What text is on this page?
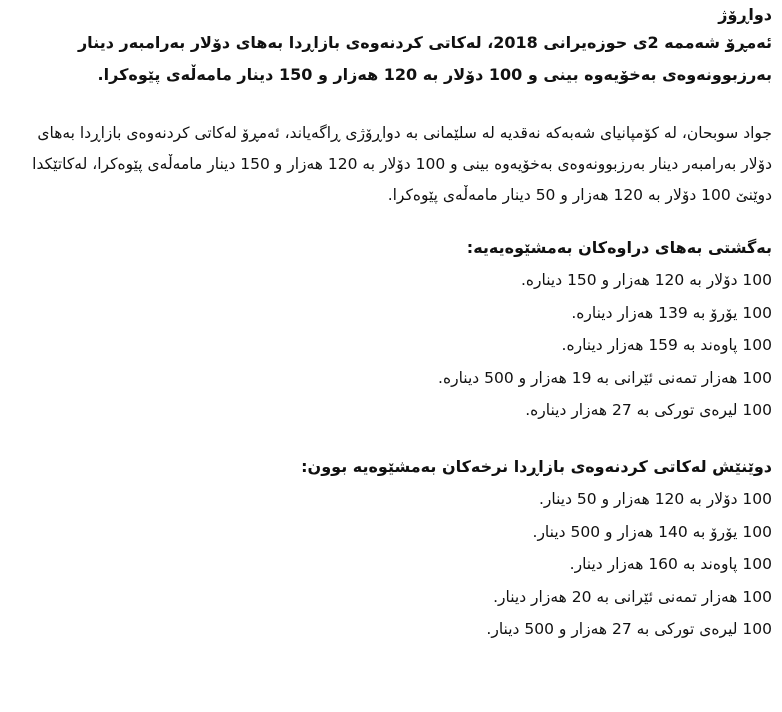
دواڕۆژ

ئەمڕۆ شەممە 2ی حوزەیرانی 2018، لەکاتی کردنەوەی بازاڕدا بەهای دۆلار بەرامبەر دینار بەرزبوونەوەی بەخۆیەوە بینی و 100 دۆلار بە 120 هەزار و 150 دینار مامەڵەی پێوەکرا.

جواد سوبحان، لە کۆمپانیای شەبەکە نەقدیە لە سلێمانی بە دواڕۆژی ڕاگەیاند، ئەمڕۆ لەکاتی کردنەوەی بازاڕدا بەهای دۆلار بەرامبەر دینار بەرزبوونەوەی بەخۆیەوە بینی و 100 دۆلار بە 120 هەزار و 150 دینار مامەڵەی پێوەکرا، لەکاتێکدا دوێنێ 100 دۆلار بە 120 هەزار و 50 دینار مامەڵەی پێوەکرا.

بەگشتی بەهای دراوەکان بەمشێوەیەیە:
100 دۆلار بە 120 هەزار و 150 دینارە.
100 یۆرۆ بە 139 هەزار دینارە.
100 پاوەند بە 159 هەزار دینارە.
100 هەزار تمەنی ئێرانی بە 19 هەزار و 500 دینارە.
100 لیرەی تورکی بە 27 هەزار دینارە.
دوێنێش لەکاتی کردنەوەی بازاڕدا نرخەکان بەمشێوەیە بوون:
100 دۆلار بە 120 هەزار و 50 دینار.
100 یۆرۆ بە 140 هەزار و 500 دینار.
100 پاوەند بە 160 هەزار دینار.
100 هەزار تمەنی ئێرانی بە 20 هەزار دینار.
100 لیرەی تورکی بە 27 هەزار و 500 دینار.
